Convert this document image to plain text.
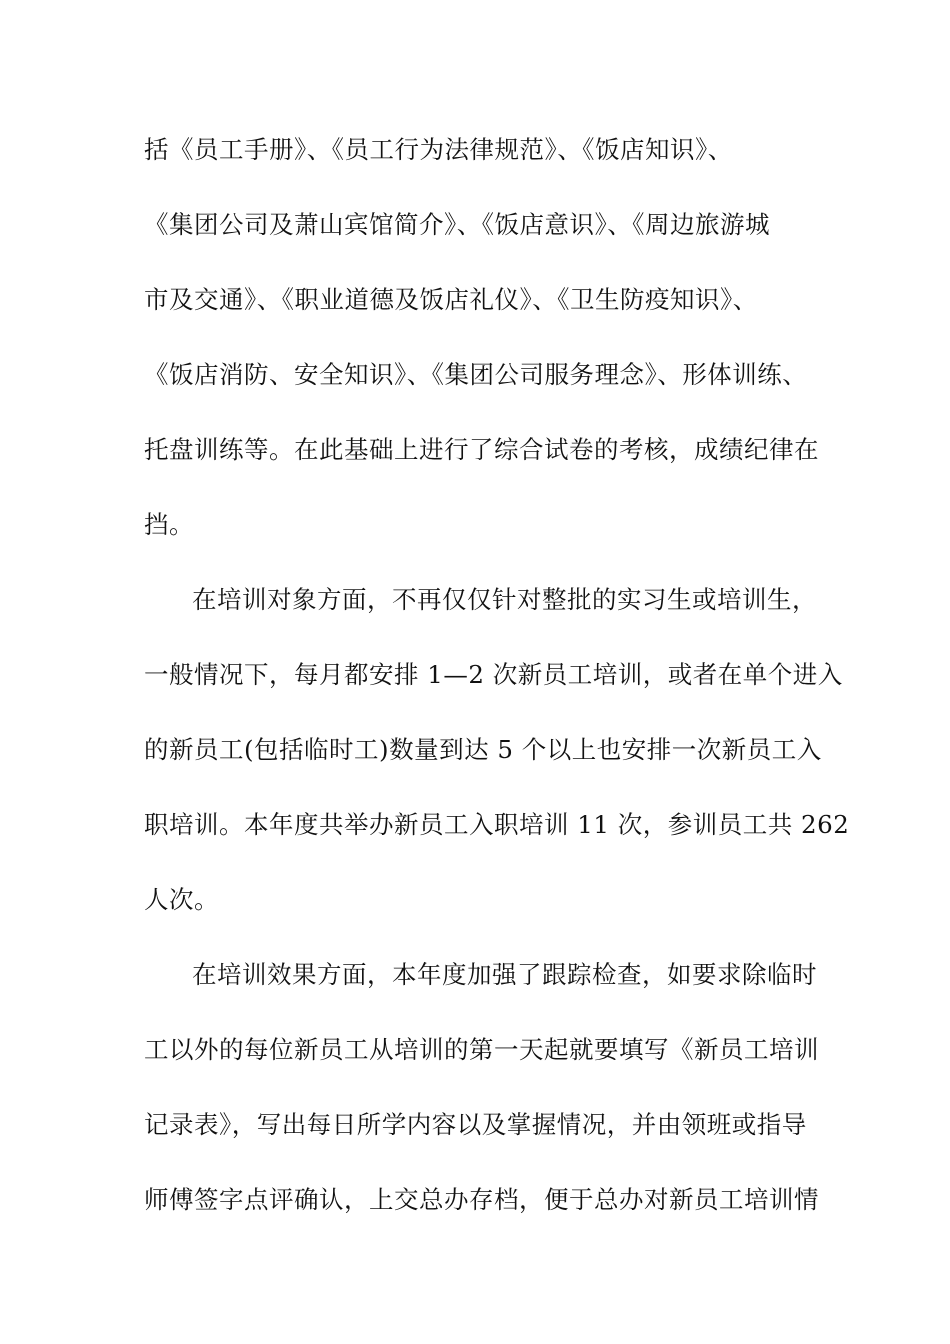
括《员工手册》、《员工行为法律规范》、《饭店知识》、
《集团公司及萧山宾馆简介》、《饭店意识》、《周边旅游城
市及交通》、《职业道德及饭店礼仪》、《卫生防疫知识》、
《饭店消防、安全知识》、《集团公司服务理念》、形体训练、
托盘训练等。在此基础上进行了综合试卷的考核，成绩纪律在
挡。
在培训对象方面，不再仅仅针对整批的实习生或培训生，
一般情况下，每月都安排 1—2 次新员工培训，或者在单个进入
的新员工(包括临时工)数量到达 5 个以上也安排一次新员工入
职培训。本年度共举办新员工入职培训 11 次，参训员工共 262
人次。
在培训效果方面，本年度加强了跟踪检查，如要求除临时
工以外的每位新员工从培训的第一天起就要填写《新员工培训
记录表》，写出每日所学内容以及掌握情况，并由领班或指导
师傅签字点评确认，上交总办存档，便于总办对新员工培训情
